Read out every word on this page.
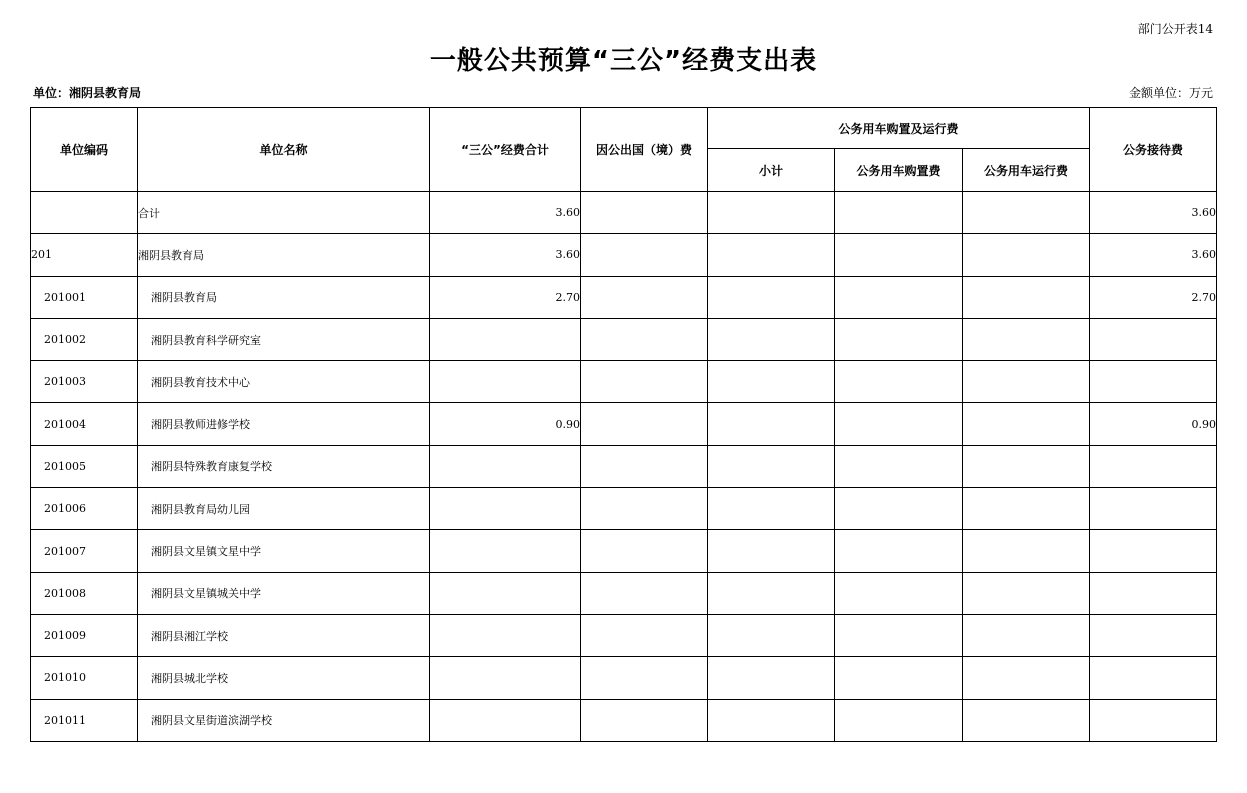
部门公开表14
一般公共预算“三公”经费支出表
单位：湘阴县教育局	金额单位：万元
单位编码	单位名称	“三公”经费合计	因公出国（境）费	公务用车购置及运行费			公务接待费
				小计	公务用车购置费	公务用车运行费	
	合计	3.60					3.60
201	湘阴县教育局	3.60					3.60
201001	湘阴县教育局	2.70					2.70
201002	湘阴县教育科学研究室						
201003	湘阴县教育技术中心						
201004	湘阴县教师进修学校	0.90					0.90
201005	湘阴县特殊教育康复学校						
201006	湘阴县教育局幼儿园						
201007	湘阴县文星镇文星中学						
201008	湘阴县文星镇城关中学						
201009	湘阴县湘江学校						
201010	湘阴县城北学校						
201011	湘阴县文星街道滨湖学校						
